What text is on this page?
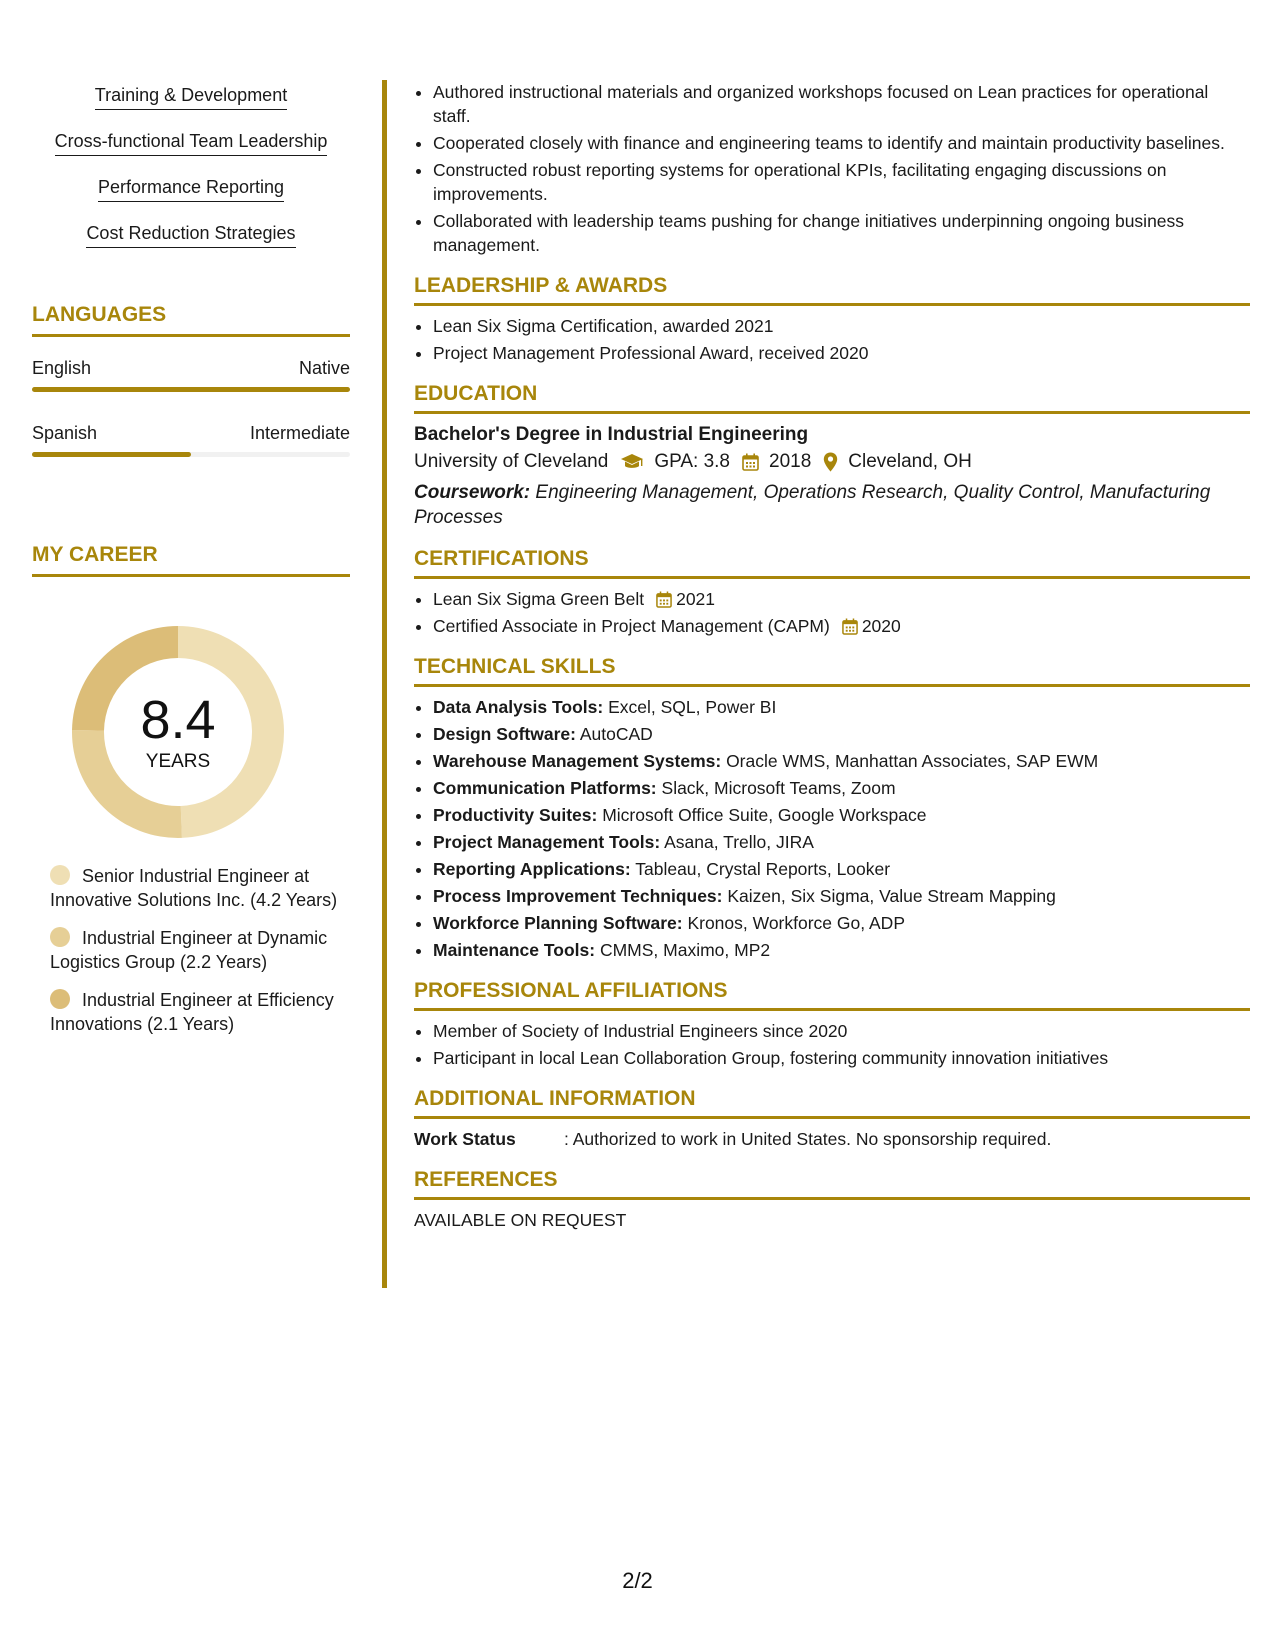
Training & Development
Cross-functional Team Leadership
Performance Reporting
Cost Reduction Strategies
LANGUAGES
English	Native
Spanish	Intermediate
MY CAREER
8.4
YEARS
Senior Industrial Engineer at Innovative Solutions Inc. (4.2 Years)
Industrial Engineer at Dynamic Logistics Group (2.2 Years)
Industrial Engineer at Efficiency Innovations (2.1 Years)
• Authored instructional materials and organized workshops focused on Lean practices for operational staff.
• Cooperated closely with finance and engineering teams to identify and maintain productivity baselines.
• Constructed robust reporting systems for operational KPIs, facilitating engaging discussions on improvements.
• Collaborated with leadership teams pushing for change initiatives underpinning ongoing business management.
LEADERSHIP & AWARDS
• Lean Six Sigma Certification, awarded 2021
• Project Management Professional Award, received 2020
EDUCATION
Bachelor's Degree in Industrial Engineering
University of Cleveland GPA: 3.8 2018 Cleveland, OH
Coursework: Engineering Management, Operations Research, Quality Control, Manufacturing Processes
CERTIFICATIONS
• Lean Six Sigma Green Belt 2021
• Certified Associate in Project Management (CAPM) 2020
TECHNICAL SKILLS
• Data Analysis Tools: Excel, SQL, Power BI
• Design Software: AutoCAD
• Warehouse Management Systems: Oracle WMS, Manhattan Associates, SAP EWM
• Communication Platforms: Slack, Microsoft Teams, Zoom
• Productivity Suites: Microsoft Office Suite, Google Workspace
• Project Management Tools: Asana, Trello, JIRA
• Reporting Applications: Tableau, Crystal Reports, Looker
• Process Improvement Techniques: Kaizen, Six Sigma, Value Stream Mapping
• Workforce Planning Software: Kronos, Workforce Go, ADP
• Maintenance Tools: CMMS, Maximo, MP2
PROFESSIONAL AFFILIATIONS
• Member of Society of Industrial Engineers since 2020
• Participant in local Lean Collaboration Group, fostering community innovation initiatives
ADDITIONAL INFORMATION
Work Status	: Authorized to work in United States. No sponsorship required.
REFERENCES
AVAILABLE ON REQUEST
2/2
